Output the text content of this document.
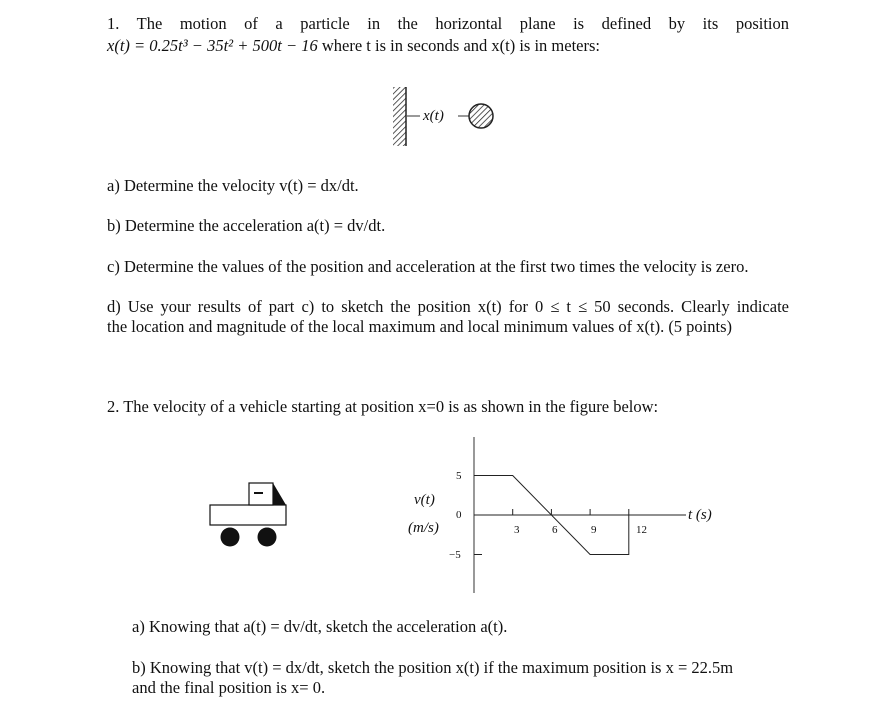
1. The motion of a particle in the horizontal plane is defined by its position
x(t) = 0.25t³ − 35t² + 500t − 16 where t is in seconds and x(t) is in meters:
x(t)
a) Determine the velocity v(t) = dx/dt.
b) Determine the acceleration a(t) = dv/dt.
c) Determine the values of the position and acceleration at the first two times the velocity is zero.
d) Use your results of part c) to sketch the position x(t) for 0 ≤ t ≤ 50 seconds. Clearly indicate
the location and magnitude of the local maximum and local minimum values of x(t). (5 points)
2. The velocity of a vehicle starting at position x=0 is as shown in the figure below:
v(t)
(m/s)
t (s)
5
0
−5
3	6	9	12
a) Knowing that a(t) = dv/dt, sketch the acceleration a(t).
b) Knowing that v(t) = dx/dt, sketch the position x(t) if the maximum position is x = 22.5m
and the final position is x= 0.
